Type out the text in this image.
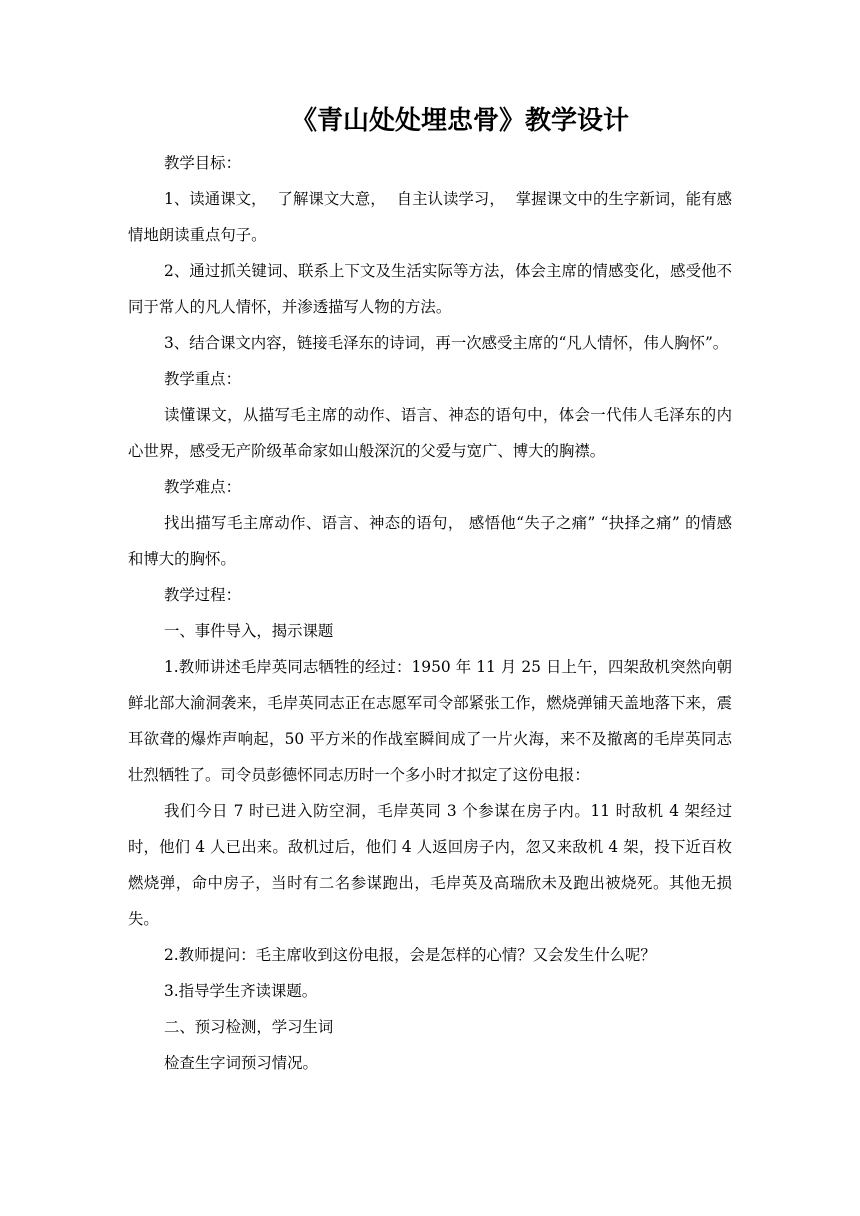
《青山处处埋忠骨》教学设计

教学目标：

1、读通课文， 了解课文大意， 自主认读学习， 掌握课文中的生字新词，能有感情地朗读重点句子。

2、通过抓关键词、联系上下文及生活实际等方法，体会主席的情感变化，感受他不同于常人的凡人情怀，并渗透描写人物的方法。

3、结合课文内容，链接毛泽东的诗词，再一次感受主席的“凡人情怀，伟人胸怀”。

教学重点：

读懂课文，从描写毛主席的动作、语言、神态的语句中，体会一代伟人毛泽东的内心世界，感受无产阶级革命家如山般深沉的父爱与宽广、博大的胸襟。

教学难点：

找出描写毛主席动作、语言、神态的语句， 感悟他“失子之痛” “抉择之痛” 的情感和博大的胸怀。

教学过程：

一、事件导入，揭示课题

1.教师讲述毛岸英同志牺牲的经过：1950 年 11 月 25 日上午，四架敌机突然向朝鲜北部大渝洞袭来，毛岸英同志正在志愿军司令部紧张工作，燃烧弹铺天盖地落下来，震耳欲聋的爆炸声响起，50 平方米的作战室瞬间成了一片火海，来不及撤离的毛岸英同志壮烈牺牲了。司令员彭德怀同志历时一个多小时才拟定了这份电报：

我们今日 7 时已进入防空洞，毛岸英同 3 个参谋在房子内。11 时敌机 4 架经过时，他们 4 人已出来。敌机过后，他们 4 人返回房子内，忽又来敌机 4 架，投下近百枚燃烧弹，命中房子，当时有二名参谋跑出，毛岸英及高瑞欣未及跑出被烧死。其他无损失。

2.教师提问：毛主席收到这份电报，会是怎样的心情？又会发生什么呢？

3.指导学生齐读课题。

二、预习检测，学习生词

检查生字词预习情况。
